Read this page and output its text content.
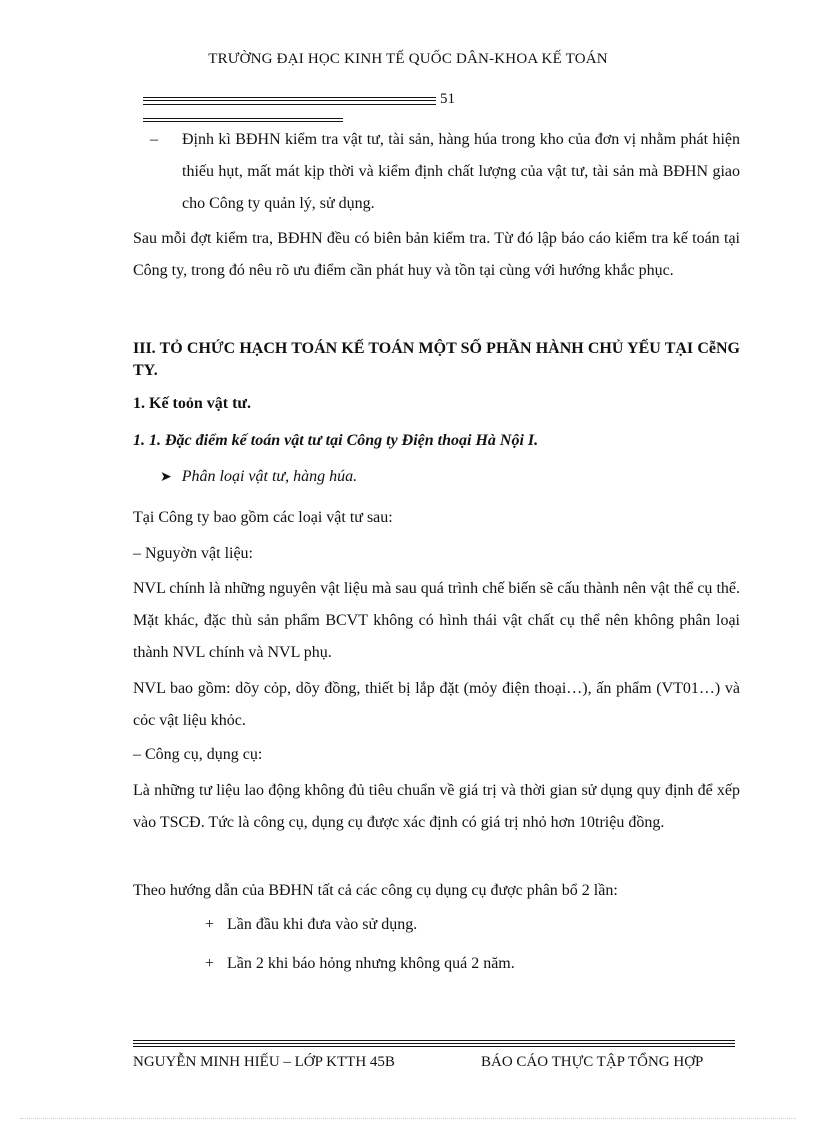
TRƯỜNG ĐẠI HỌC KINH TẾ QUỐC DÂN-KHOA KẾ TOÁN
51
– Định kì BĐHN kiểm tra vật tư, tài sản, hàng húa trong kho của đơn vị nhằm phát hiện thiếu hụt, mất mát kịp thời và kiểm định chất lượng của vật tư, tài sản mà BĐHN giao cho Công ty quản lý, sử dụng.
Sau mỗi đợt kiểm tra, BĐHN đều có biên bản kiểm tra. Từ đó lập báo cáo kiểm tra kế toán tại Công ty, trong đó nêu rõ ưu điểm cần phát huy và tồn tại cùng với hướng khắc phục.
III. TỎ CHỨC HẠCH TOÁN KẾ TOÁN MỘT SỐ PHẦN HÀNH CHỦ YẾU TẠI CễNG TY.
1. Kế toỏn vật tư.
1. 1. Đặc điểm kế toán vật tư tại Công ty Điện thoại Hà Nội I.
➤ Phân loại vật tư, hàng húa.
Tại Công ty bao gồm các loại vật tư sau:
– Nguyờn vật liệu:
NVL chính là những nguyên vật liệu mà sau quá trình chế biến sẽ cấu thành nên vật thể cụ thể. Mặt khác, đặc thù sản phẩm BCVT không có hình thái vật chất cụ thể nên không phân loại thành NVL chính và NVL phụ.
NVL bao gồm: dõy cỏp, dõy đồng, thiết bị lắp đặt (mỏy điện thoại…), ấn phẩm (VT01…) và cỏc vật liệu khỏc.
– Công cụ, dụng cụ:
Là những tư liệu lao động không đủ tiêu chuẩn về giá trị và thời gian sử dụng quy định để xếp vào TSCĐ. Tức là công cụ, dụng cụ được xác định có giá trị nhỏ hơn 10triệu đồng.
Theo hướng dẫn của BĐHN tất cả các công cụ dụng cụ được phân bổ 2 lần:
+ Lần đầu khi đưa vào sử dụng.
+ Lần 2 khi báo hỏng nhưng không quá 2 năm.
NGUYỄN MINH HIẾU – LỚP KTTH 45B	BÁO CÁO THỰC TẬP TỔNG HỢP
